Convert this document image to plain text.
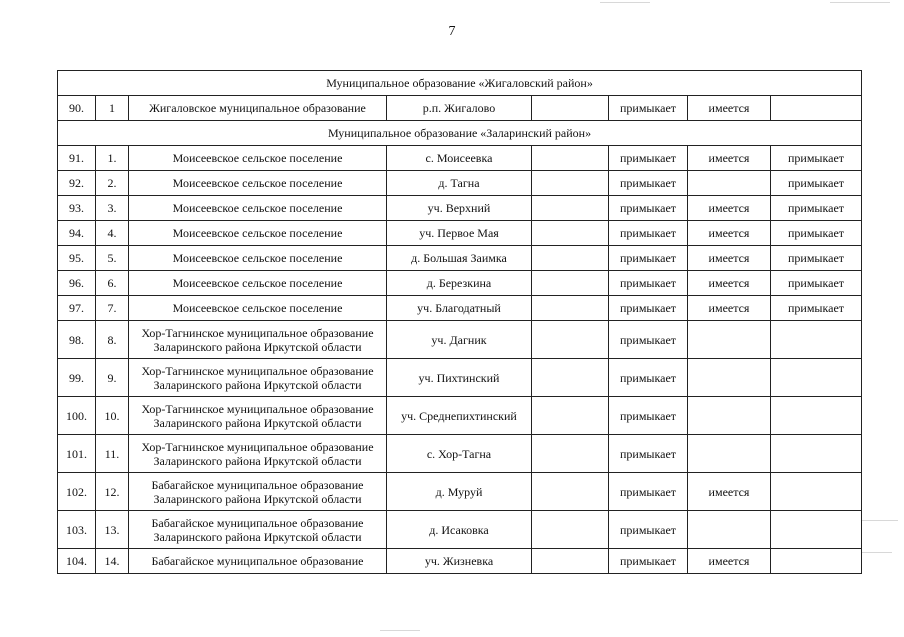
7
Муниципальное образование «Жигаловский район»							
90.	1	Жигаловское муниципальное образование	р.п. Жигалово		примыкает	имеется	
Муниципальное образование «Заларинский район»							
91.	1.	Моисеевское сельское поселение	с. Моисеевка		примыкает	имеется	примыкает
92.	2.	Моисеевское сельское поселение	д. Тагна		примыкает		примыкает
93.	3.	Моисеевское сельское поселение	уч. Верхний		примыкает	имеется	примыкает
94.	4.	Моисеевское сельское поселение	уч. Первое Мая		примыкает	имеется	примыкает
95.	5.	Моисеевское сельское поселение	д. Большая Заимка		примыкает	имеется	примыкает
96.	6.	Моисеевское сельское поселение	д. Березкина		примыкает	имеется	примыкает
97.	7.	Моисеевское сельское поселение	уч. Благодатный		примыкает	имеется	примыкает
98.	8.	Хор-Тагнинское муниципальное образование Заларинского района Иркутской области	уч. Дагник		примыкает		
99.	9.	Хор-Тагнинское муниципальное образование Заларинского района Иркутской области	уч. Пихтинский		примыкает		
100.	10.	Хор-Тагнинское муниципальное образование Заларинского района Иркутской области	уч. Среднепихтинский		примыкает		
101.	11.	Хор-Тагнинское муниципальное образование Заларинского района Иркутской области	с. Хор-Тагна		примыкает		
102.	12.	Бабагайское муниципальное образование Заларинского района Иркутской области	д. Муруй		примыкает	имеется	
103.	13.	Бабагайское муниципальное образование Заларинского района Иркутской области	д. Исаковка		примыкает		
104.	14.	Бабагайское муниципальное образование	уч. Жизневка		примыкает	имеется	
